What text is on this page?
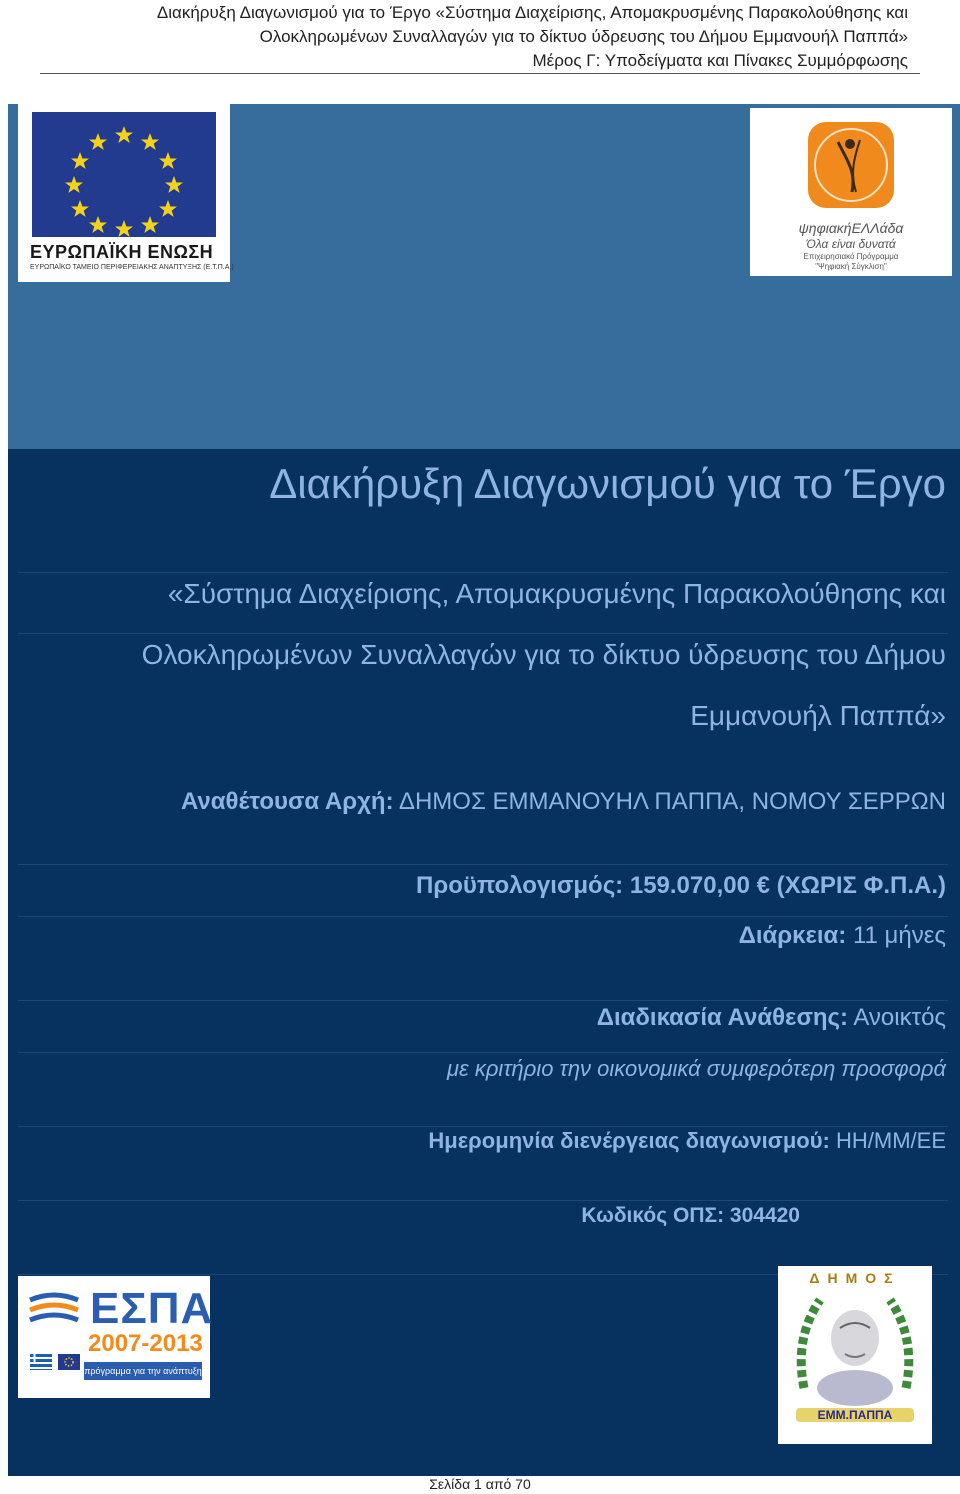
Διακήρυξη Διαγωνισμού για το Έργο «Σύστημα Διαχείρισης, Απομακρυσμένης Παρακολούθησης και
Ολοκληρωμένων Συναλλαγών για το δίκτυο ύδρευσης του Δήμου Εμμανουήλ Παππά»
Μέρος Γ: Υποδείγματα και Πίνακες Συμμόρφωσης
ΕΥΡΩΠΑΪΚΗ ΕΝΩΣΗ
ΕΥΡΩΠΑΪΚΟ ΤΑΜΕΙΟ ΠΕΡΙΦΕΡΕΙΑΚΗΣ ΑΝΑΠΤΥΞΗΣ (Ε.Τ.Π.Α.)
ψηφιακήΕΛΛάδα
Όλα είναι δυνατά
Επιχειρησιακό Πρόγραμμα
"Ψηφιακή Σύγκλιση"
Διακήρυξη Διαγωνισμού για το Έργο
«Σύστημα Διαχείρισης, Απομακρυσμένης Παρακολούθησης και
Ολοκληρωμένων Συναλλαγών για το δίκτυο ύδρευσης του Δήμου
Εμμανουήλ Παππά»
Αναθέτουσα Αρχή: ΔΗΜΟΣ ΕΜΜΑΝΟΥΗΛ ΠΑΠΠΑ, ΝΟΜΟΥ ΣΕΡΡΩΝ
Προϋπολογισμός: 159.070,00 € (ΧΩΡΙΣ Φ.Π.Α.)
Διάρκεια: 11 μήνες
Διαδικασία Ανάθεσης: Ανοικτός
με κριτήριο την οικονομικά συμφερότερη προσφορά
Ημερομηνία διενέργειας διαγωνισμού: ΗΗ/ΜΜ/ΕΕ
Κωδικός ΟΠΣ: 304420
ΕΣΠΑ
2007-2013
πρόγραμμα για την ανάπτυξη
ΔΗΜΟΣ
ΕΜΜ.ΠΑΠΠΑ
Σελίδα 1 από 70
